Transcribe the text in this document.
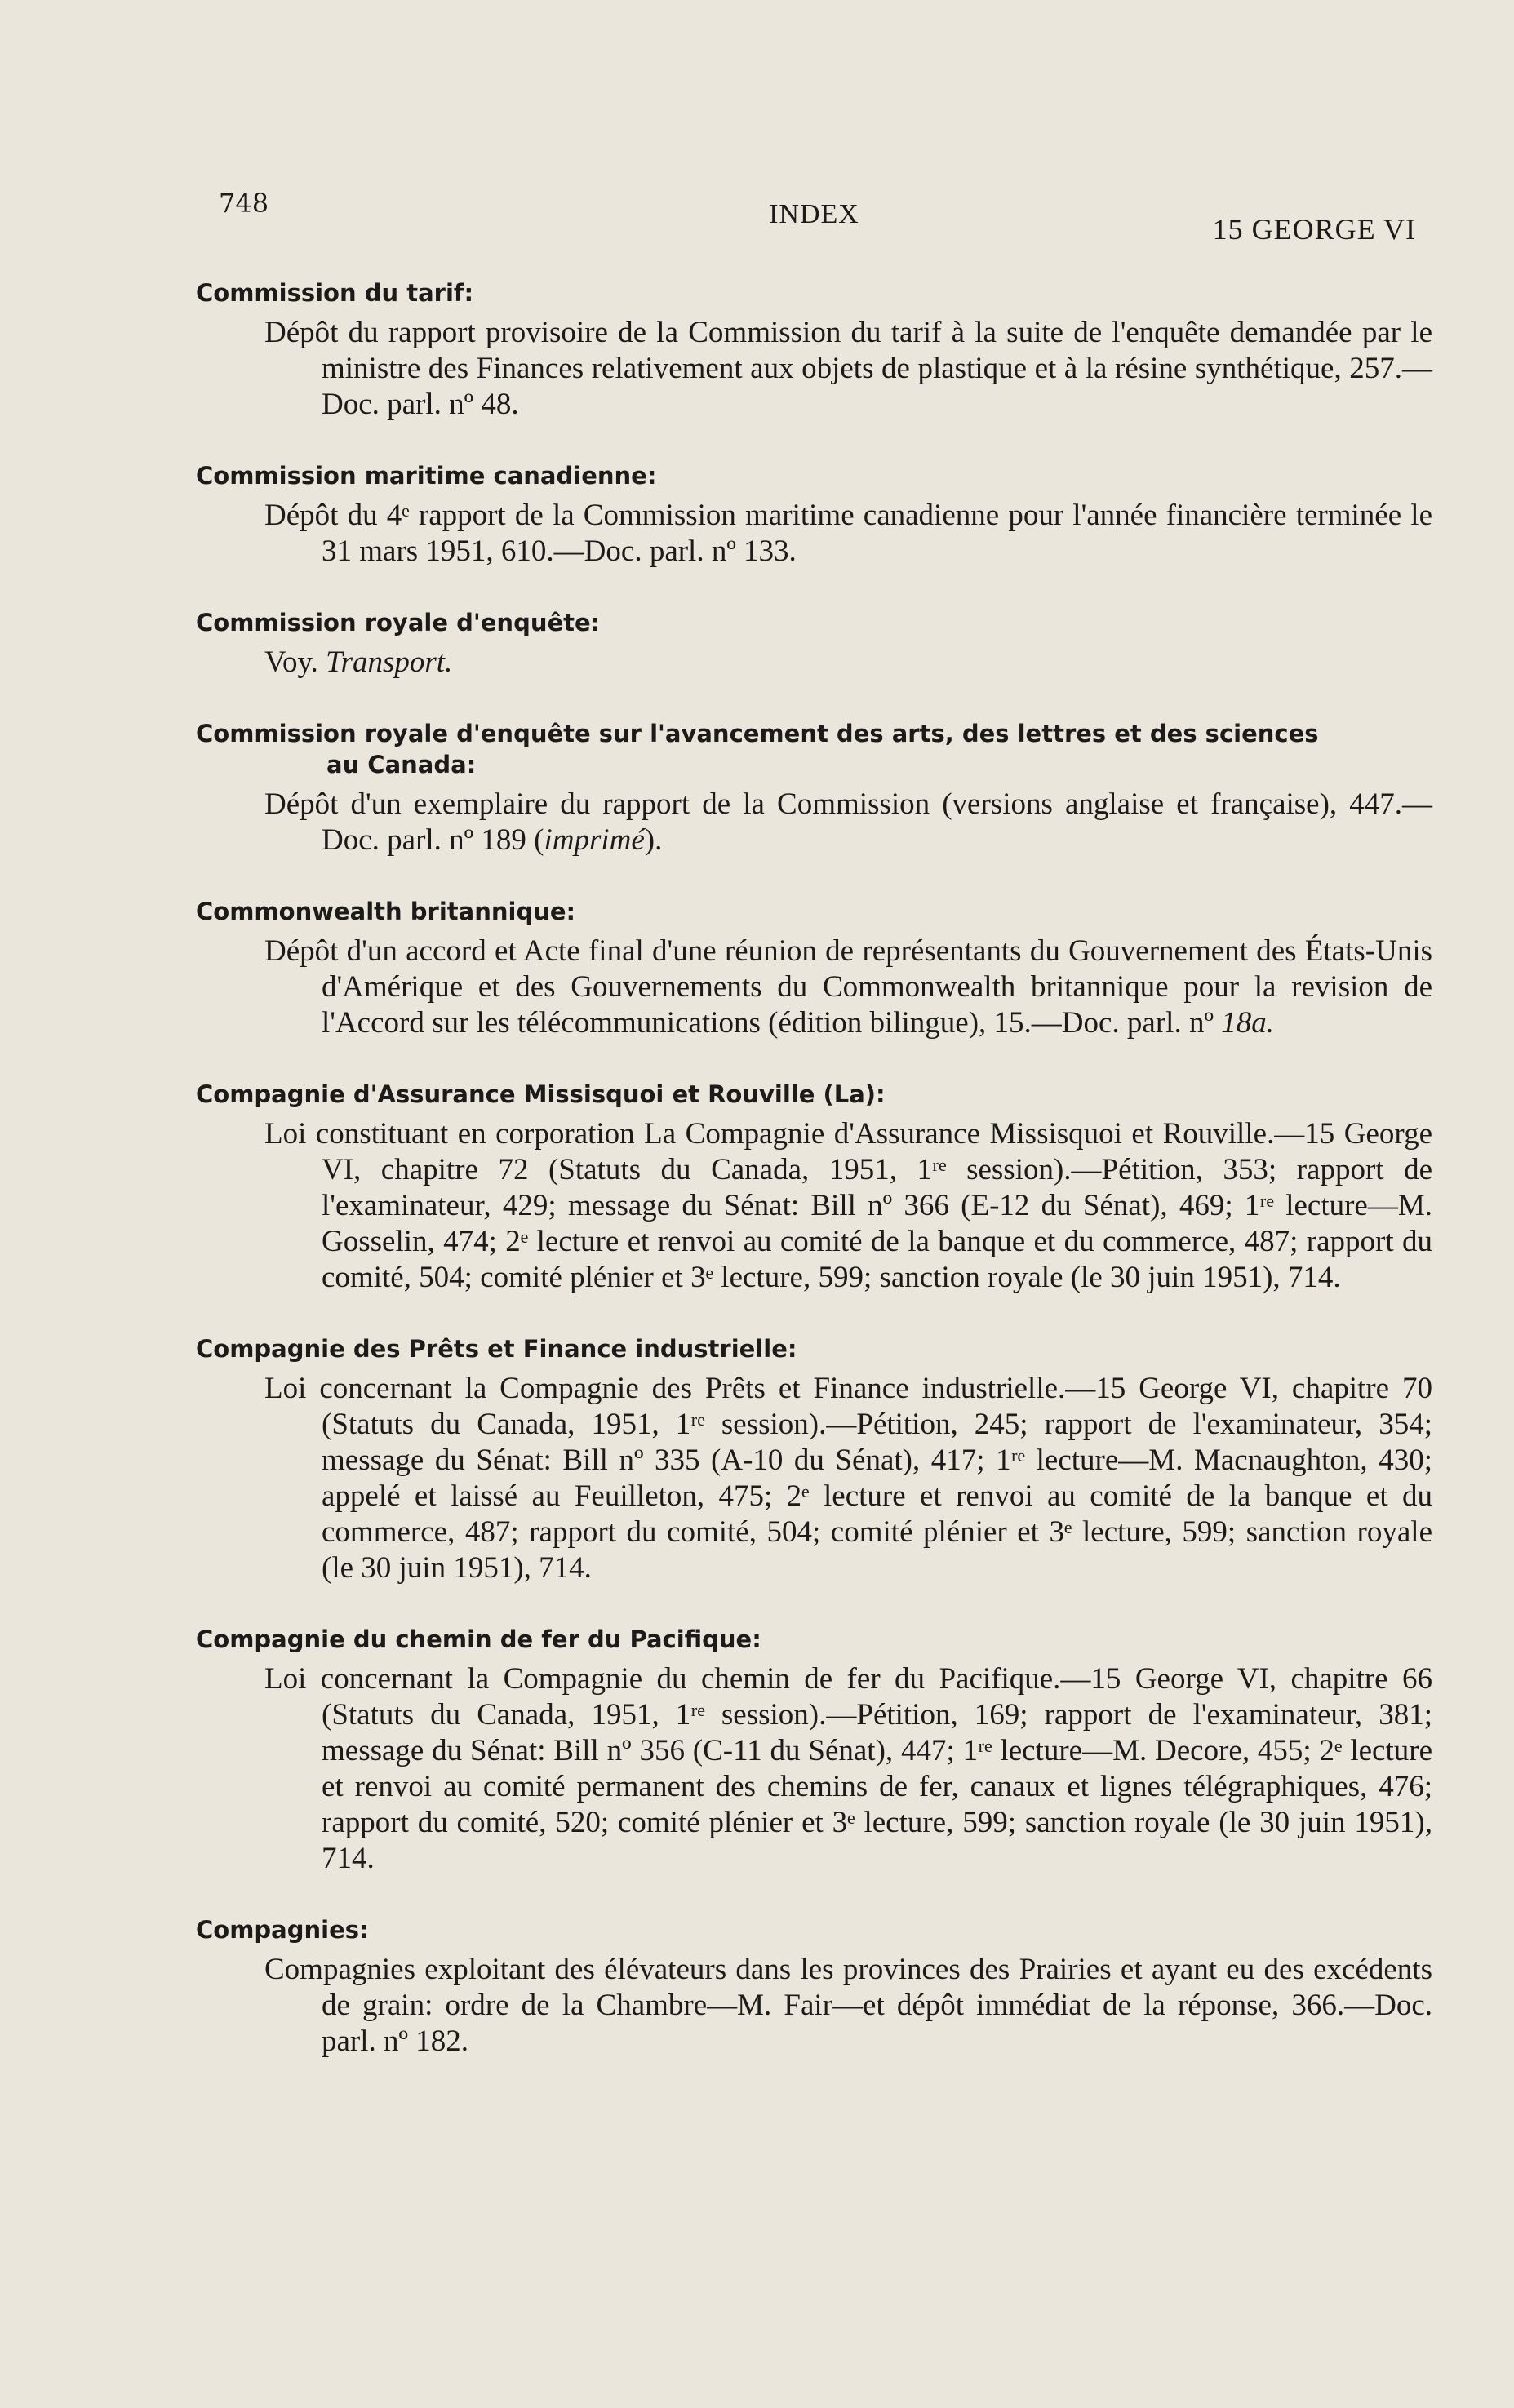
748	INDEX	15 GEORGE VI
Commission du tarif:
Dépôt du rapport provisoire de la Commission du tarif à la suite de l'enquête demandée par le ministre des Finances relativement aux objets de plastique et à la résine synthétique, 257.—Doc. parl. nº 48.
Commission maritime canadienne:
Dépôt du 4ᵉ rapport de la Commission maritime canadienne pour l'année financière terminée le 31 mars 1951, 610.—Doc. parl. nº 133.
Commission royale d'enquête:
Voy. Transport.
Commission royale d'enquête sur l'avancement des arts, des lettres et des sciences
au Canada:
Dépôt d'un exemplaire du rapport de la Commission (versions anglaise et française), 447.—Doc. parl. nº 189 (imprimé).
Commonwealth britannique:
Dépôt d'un accord et Acte final d'une réunion de représentants du Gouvernement des États-Unis d'Amérique et des Gouvernements du Commonwealth britannique pour la revision de l'Accord sur les télécommunications (édition bilingue), 15.—Doc. parl. nº 18a.
Compagnie d'Assurance Missisquoi et Rouville (La):
Loi constituant en corporation La Compagnie d'Assurance Missisquoi et Rouville.—15 George VI, chapitre 72 (Statuts du Canada, 1951, 1ʳᵉ session).—Pétition, 353; rapport de l'examinateur, 429; message du Sénat: Bill nº 366 (E-12 du Sénat), 469; 1ʳᵉ lecture—M. Gosselin, 474; 2ᵉ lecture et renvoi au comité de la banque et du commerce, 487; rapport du comité, 504; comité plénier et 3ᵉ lecture, 599; sanction royale (le 30 juin 1951), 714.
Compagnie des Prêts et Finance industrielle:
Loi concernant la Compagnie des Prêts et Finance industrielle.—15 George VI, chapitre 70 (Statuts du Canada, 1951, 1ʳᵉ session).—Pétition, 245; rapport de l'examinateur, 354; message du Sénat: Bill nº 335 (A-10 du Sénat), 417; 1ʳᵉ lecture—M. Macnaughton, 430; appelé et laissé au Feuilleton, 475; 2ᵉ lecture et renvoi au comité de la banque et du commerce, 487; rapport du comité, 504; comité plénier et 3ᵉ lecture, 599; sanction royale (le 30 juin 1951), 714.
Compagnie du chemin de fer du Pacifique:
Loi concernant la Compagnie du chemin de fer du Pacifique.—15 George VI, chapitre 66 (Statuts du Canada, 1951, 1ʳᵉ session).—Pétition, 169; rapport de l'examinateur, 381; message du Sénat: Bill nº 356 (C-11 du Sénat), 447; 1ʳᵉ lecture—M. Decore, 455; 2ᵉ lecture et renvoi au comité permanent des chemins de fer, canaux et lignes télégraphiques, 476; rapport du comité, 520; comité plénier et 3ᵉ lecture, 599; sanction royale (le 30 juin 1951), 714.
Compagnies:
Compagnies exploitant des élévateurs dans les provinces des Prairies et ayant eu des excédents de grain: ordre de la Chambre—M. Fair—et dépôt immédiat de la réponse, 366.—Doc. parl. nº 182.
